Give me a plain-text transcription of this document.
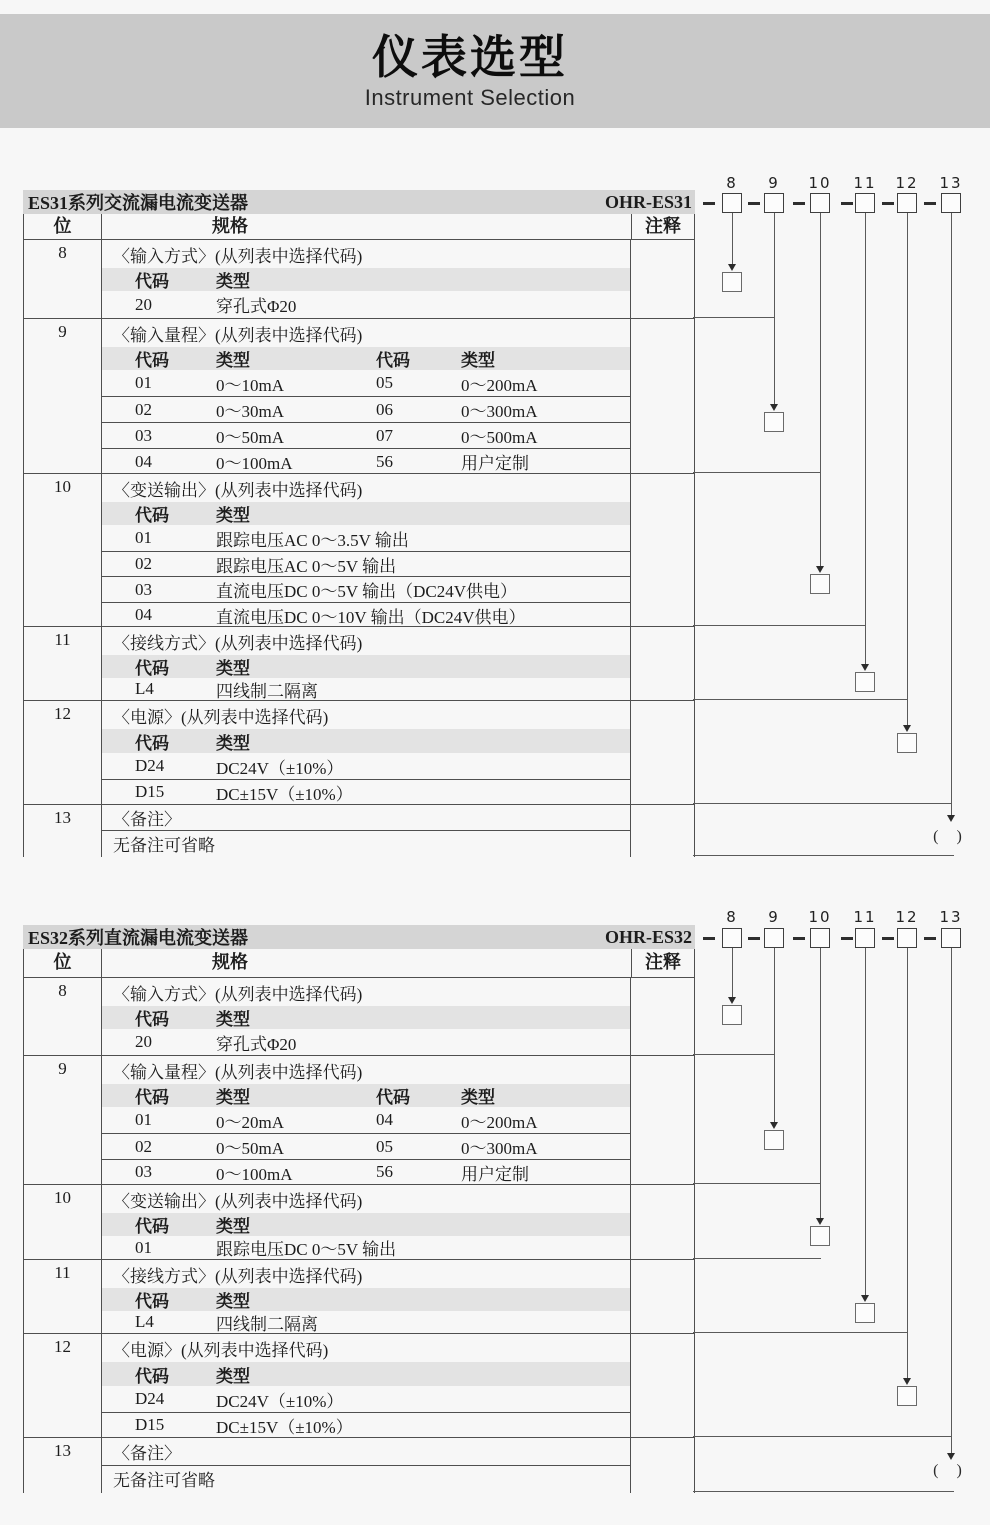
仪表选型
Instrument Selection
ES31系列交流漏电流变送器	OHR-ES31
位	规格	注释
8	〈输入方式〉(从列表中选择代码)
代码	类型
20	穿孔式Φ20
9	〈输入量程〉(从列表中选择代码)
代码	类型	代码	类型
01	0～10mA	05	0～200mA
02	0～30mA	06	0～300mA
03	0～50mA	07	0～500mA
04	0～100mA	56	用户定制
10	〈变送输出〉(从列表中选择代码)
代码	类型
01	跟踪电压AC 0～3.5V 输出
02	跟踪电压AC 0～5V 输出
03	直流电压DC 0～5V 输出（DC24V供电）
04	直流电压DC 0～10V 输出（DC24V供电）
11	〈接线方式〉(从列表中选择代码)
代码	类型
L4	四线制二隔离
12	〈电源〉(从列表中选择代码)
代码	类型
D24	DC24V（±10%）
D15	DC±15V（±10%）
13	〈备注〉
无备注可省略
8	9	10 11 12 13
( )
ES32系列直流漏电流变送器	OHR-ES32
位	规格	注释
8	〈输入方式〉(从列表中选择代码)
代码	类型
20	穿孔式Φ20
9	〈输入量程〉(从列表中选择代码)
代码	类型	代码	类型
01	0～20mA	04	0～200mA
02	0～50mA	05	0～300mA
03	0～100mA	56	用户定制
10	〈变送输出〉(从列表中选择代码)
代码	类型
01	跟踪电压DC 0～5V 输出
11	〈接线方式〉(从列表中选择代码)
代码	类型
L4	四线制二隔离
12	〈电源〉(从列表中选择代码)
代码	类型
D24	DC24V（±10%）
D15	DC±15V（±10%）
13	〈备注〉
无备注可省略
8	9	10 11 12 13
( )
